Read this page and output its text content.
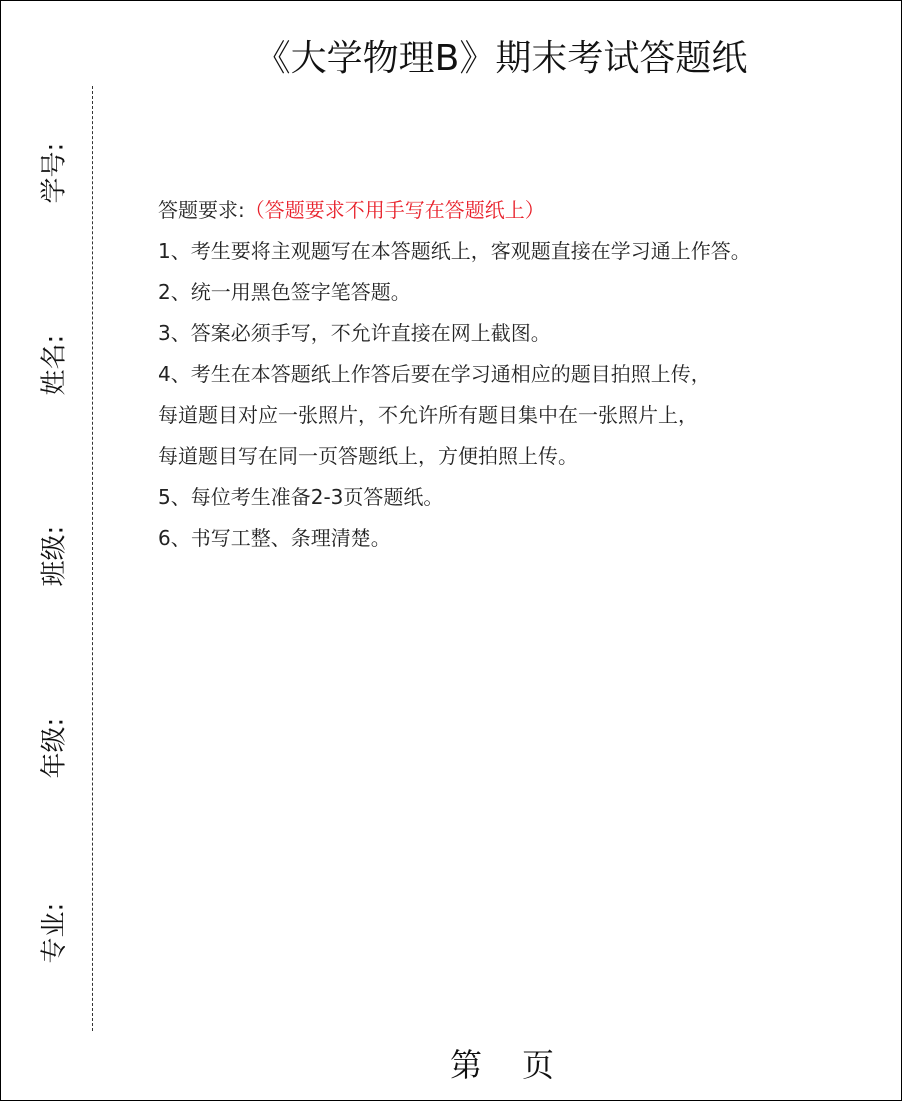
《大学物理B》期末考试答题纸
学号:
姓名:
班级:
年级:
专业:
答题要求:（答题要求不用手写在答题纸上）
1、考生要将主观题写在本答题纸上，客观题直接在学习通上作答。
2、统一用黑色签字笔答题。
3、答案必须手写，不允许直接在网上截图。
4、考生在本答题纸上作答后要在学习通相应的题目拍照上传，
每道题目对应一张照片，不允许所有题目集中在一张照片上，
每道题目写在同一页答题纸上，方便拍照上传。
5、每位考生准备2-3页答题纸。
6、书写工整、条理清楚。
第 页
